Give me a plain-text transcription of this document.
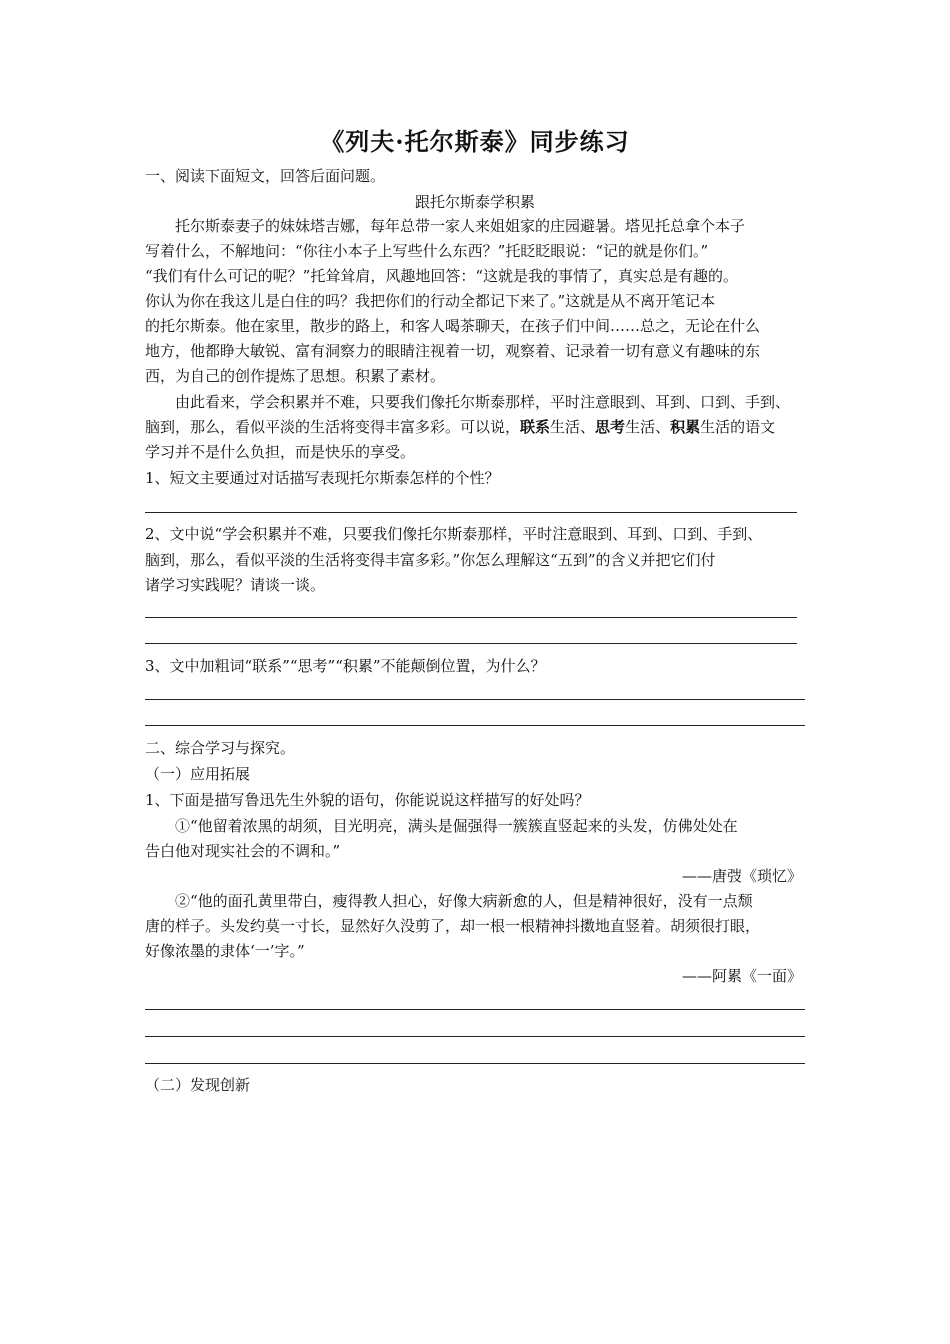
《列夫·托尔斯泰》同步练习
一、阅读下面短文，回答后面问题。
跟托尔斯泰学积累
托尔斯泰妻子的妹妹塔吉娜，每年总带一家人来姐姐家的庄园避暑。塔见托总拿个本子
写着什么，不解地问：“你往小本子上写些什么东西？”托眨眨眼说：“记的就是你们。”
“我们有什么可记的呢？”托耸耸肩，风趣地回答：“这就是我的事情了，真实总是有趣的。
你认为你在我这儿是白住的吗？我把你们的行动全都记下来了。”这就是从不离开笔记本
的托尔斯泰。他在家里，散步的路上，和客人喝茶聊天，在孩子们中间……总之，无论在什么
地方，他都睁大敏锐、富有洞察力的眼睛注视着一切，观察着、记录着一切有意义有趣味的东
西，为自己的创作提炼了思想。积累了素材。
由此看来，学会积累并不难，只要我们像托尔斯泰那样，平时注意眼到、耳到、口到、手到、
脑到，那么，看似平淡的生活将变得丰富多彩。可以说，联系生活、思考生活、积累生活的语文
学习并不是什么负担，而是快乐的享受。
1、短文主要通过对话描写表现托尔斯泰怎样的个性？
2、文中说“学会积累并不难，只要我们像托尔斯泰那样，平时注意眼到、耳到、口到、手到、
脑到，那么，看似平淡的生活将变得丰富多彩。”你怎么理解这“五到”的含义并把它们付
诸学习实践呢？请谈一谈。
3、文中加粗词“联系”“思考”“积累”不能颠倒位置，为什么？
二、综合学习与探究。
（一）应用拓展
1、下面是描写鲁迅先生外貌的语句，你能说说这样描写的好处吗？
①“他留着浓黑的胡须，目光明亮，满头是倔强得一簇簇直竖起来的头发，仿佛处处在
告白他对现实社会的不调和。”
——唐弢《琐忆》
②“他的面孔黄里带白，瘦得教人担心，好像大病新愈的人，但是精神很好，没有一点颓
唐的样子。头发约莫一寸长，显然好久没剪了，却一根一根精神抖擞地直竖着。胡须很打眼，
好像浓墨的隶体‘一’字。”
——阿累《一面》
（二）发现创新
